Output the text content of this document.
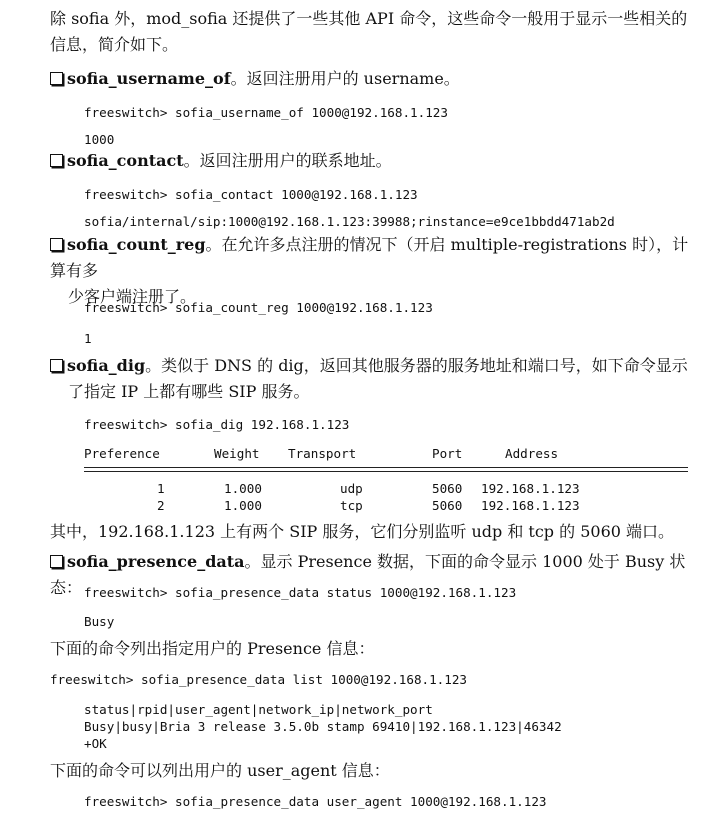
除 sofia 外，mod_sofia 还提供了一些其他 API 命令，这些命令一般用于显示一些相关的
信息，简介如下。
sofia_username_of。返回注册用户的 username。
freeswitch> sofia_username_of 1000@192.168.1.123
1000
sofia_contact。返回注册用户的联系地址。
freeswitch> sofia_contact 1000@192.168.1.123
sofia/internal/sip:1000@192.168.1.123:39988;rinstance=e9ce1bbdd471ab2d
sofia_count_reg。在允许多点注册的情况下（开启 multiple-registrations 时），计算有多
少客户端注册了。
freeswitch> sofia_count_reg 1000@192.168.1.123
1
sofia_dig。类似于 DNS 的 dig，返回其他服务器的服务地址和端口号，如下命令显示
了指定 IP 上都有哪些 SIP 服务。
freeswitch> sofia_dig 192.168.1.123
Preference	Weight Transport	Port	Address
1	1.000	udp	5060 192.168.1.123
2	1.000	tcp	5060 192.168.1.123
其中，192.168.1.123 上有两个 SIP 服务，它们分别监听 udp 和 tcp 的 5060 端口。
sofia_presence_data。显示 Presence 数据，下面的命令显示 1000 处于 Busy 状态： freeswitch> sofia_presence_data status 1000@192.168.1.123
Busy
下面的命令列出指定用户的 Presence 信息：
freeswitch> sofia_presence_data list 1000@192.168.1.123
status|rpid|user_agent|network_ip|network_port
Busy|busy|Bria 3 release 3.5.0b stamp 69410|192.168.1.123|46342
+OK
下面的命令可以列出用户的 user_agent 信息：
freeswitch> sofia_presence_data user_agent 1000@192.168.1.123
